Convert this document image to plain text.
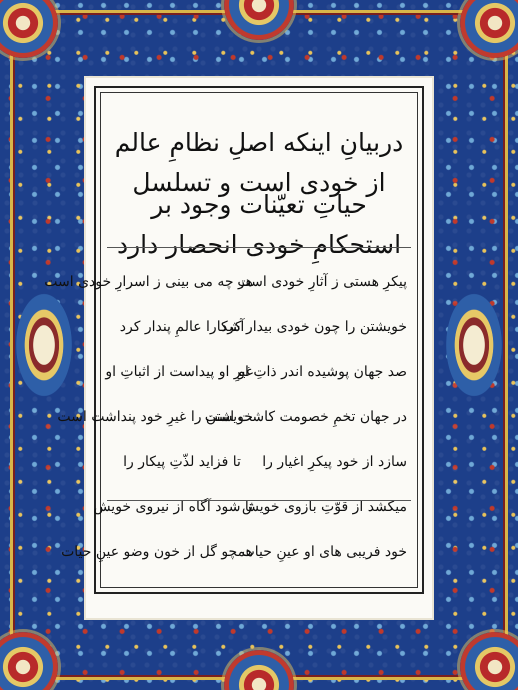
دربیانِ اینکه اصلِ نظامِ عالم از خودی است و تسلسل

حیاتِ تعیّنات وجود بر استحکامِ خودی انحصار دارد

پیکرِ هستی ز آثارِ خودی است
هر چه می بینی ز اسرارِ خودی است
خویشتن را چون خودی بیدار کرد
آشکارا عالمِ پندار کرد
صد جهان پوشیده اندر ذاتِ او
غیرِ او پیداست از اثباتِ او
در جهان تخمِ خصومت کاشت است
خویشتن را غیرِ خود پنداشت است
سازد از خود پیکرِ اغیار را
تا فزاید لذّتِ پیکار را
میکشد از قوّتِ بازوی خویش
تا شود آگاه از نیروی خویش
خود فریبی های او عینِ حیات
همچو گل از خون وضو عینِ حیات
